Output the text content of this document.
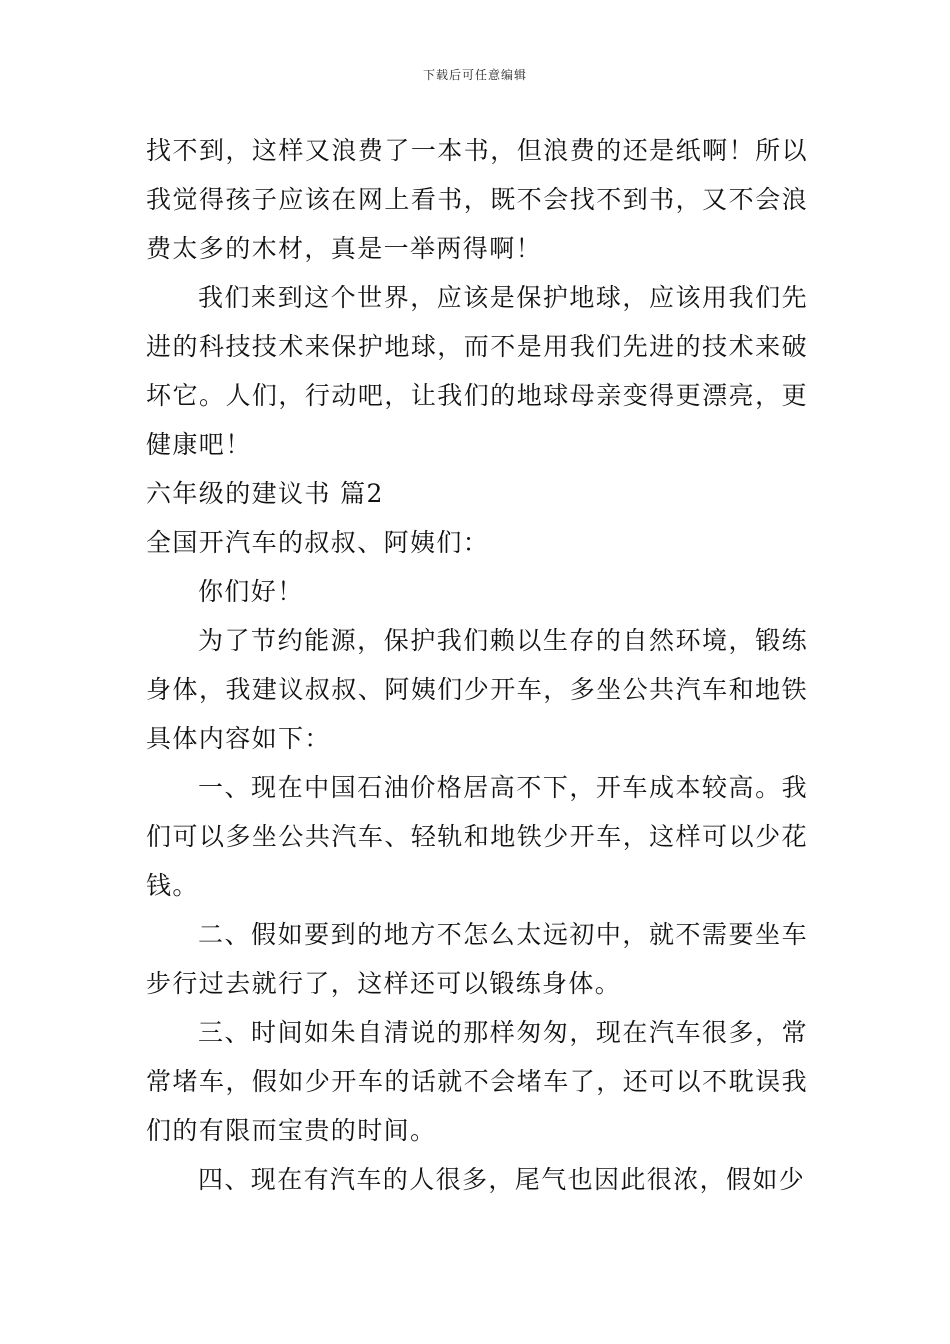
下载后可任意编辑

找不到，这样又浪费了一本书，但浪费的还是纸啊！所以我觉得孩子应该在网上看书，既不会找不到书，又不会浪费太多的木材，真是一举两得啊！

我们来到这个世界，应该是保护地球，应该用我们先进的科技技术来保护地球，而不是用我们先进的技术来破坏它。人们，行动吧，让我们的地球母亲变得更漂亮，更健康吧！

六年级的建议书 篇2

全国开汽车的叔叔、阿姨们：

你们好！

为了节约能源，保护我们赖以生存的自然环境，锻练身体，我建议叔叔、阿姨们少开车，多坐公共汽车和地铁具体内容如下：

一、现在中国石油价格居高不下，开车成本较高。我们可以多坐公共汽车、轻轨和地铁少开车，这样可以少花钱。

二、假如要到的地方不怎么太远初中，就不需要坐车步行过去就行了，这样还可以锻练身体。

三、时间如朱自清说的那样匆匆，现在汽车很多，常常堵车，假如少开车的话就不会堵车了，还可以不耽误我们的有限而宝贵的时间。

四、现在有汽车的人很多，尾气也因此很浓，假如少
